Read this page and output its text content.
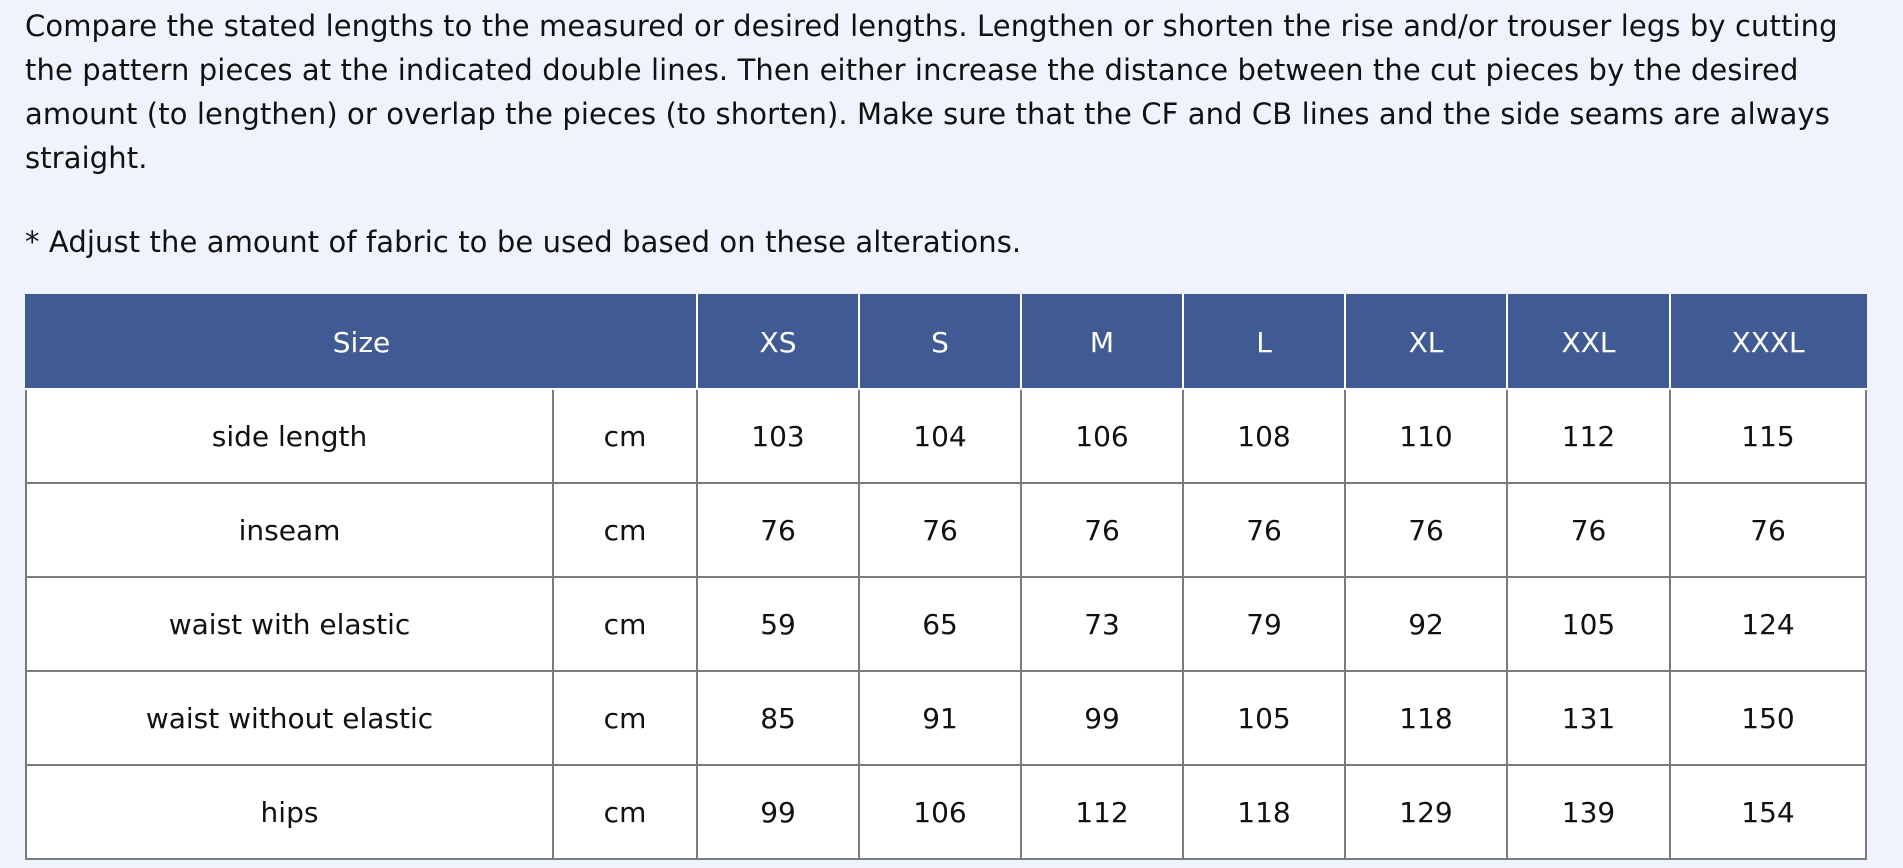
Compare the stated lengths to the measured or desired lengths. Lengthen or shorten the rise and/or trouser legs by cutting the pattern pieces at the indicated double lines. Then either increase the distance between the cut pieces by the desired amount (to lengthen) or overlap the pieces (to shorten). Make sure that the CF and CB lines and the side seams are always straight.

* Adjust the amount of fabric to be used based on these alterations.

Size		XS	S	M	L	XL	XXL	XXXL
side length	cm	103	104	106	108	110	112	115
inseam	cm	76	76	76	76	76	76	76
waist with elastic	cm	59	65	73	79	92	105	124
waist without elastic	cm	85	91	99	105	118	131	150
hips	cm	99	106	112	118	129	139	154
